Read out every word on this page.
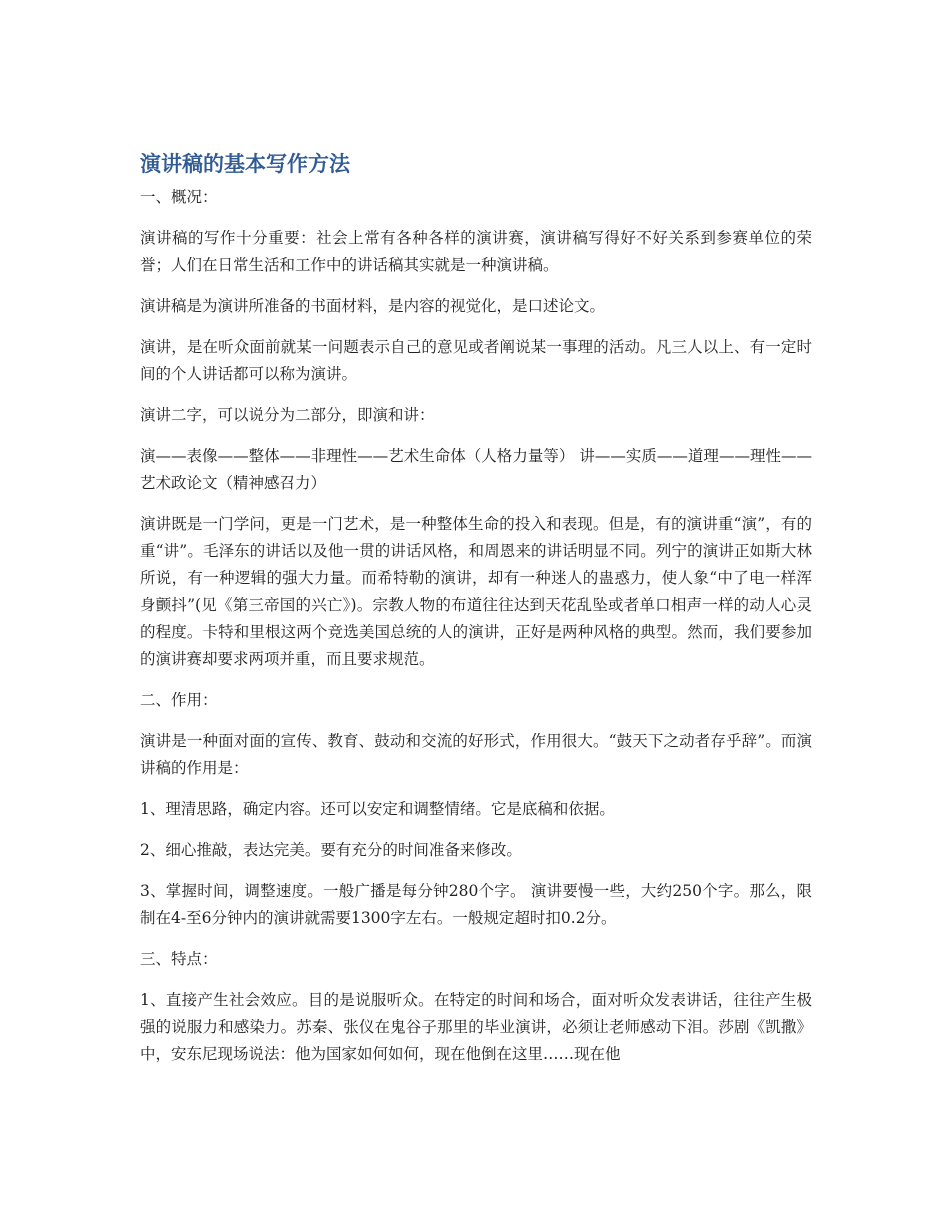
演讲稿的基本写作方法

一、概况：

演讲稿的写作十分重要：社会上常有各种各样的演讲赛，演讲稿写得好不好关系到参赛单位的荣誉；人们在日常生活和工作中的讲话稿其实就是一种演讲稿。

演讲稿是为演讲所准备的书面材料，是内容的视觉化，是口述论文。

演讲，是在听众面前就某一问题表示自己的意见或者阐说某一事理的活动。凡三人以上、有一定时间的个人讲话都可以称为演讲。

演讲二字，可以说分为二部分，即演和讲：

演——表像——整体——非理性——艺术生命体（人格力量等） 讲——实质——道理——理性——艺术政论文（精神感召力）

演讲既是一门学问，更是一门艺术，是一种整体生命的投入和表现。但是，有的演讲重“演”，有的重“讲”。毛泽东的讲话以及他一贯的讲话风格，和周恩来的讲话明显不同。列宁的演讲正如斯大林所说，有一种逻辑的强大力量。而希特勒的演讲，却有一种迷人的蛊惑力，使人象“中了电一样浑身颤抖”(见《第三帝国的兴亡》)。宗教人物的布道往往达到天花乱坠或者单口相声一样的动人心灵的程度。卡特和里根这两个竞选美国总统的人的演讲，正好是两种风格的典型。然而，我们要参加的演讲赛却要求两项并重，而且要求规范。

二、作用：

演讲是一种面对面的宣传、教育、鼓动和交流的好形式，作用很大。“鼓天下之动者存乎辞”。而演讲稿的作用是：

1、理清思路，确定内容。还可以安定和调整情绪。它是底稿和依据。

2、细心推敲，表达完美。要有充分的时间准备来修改。

3、掌握时间，调整速度。一般广播是每分钟280个字。 演讲要慢一些，大约250个字。那么，限制在4-至6分钟内的演讲就需要1300字左右。一般规定超时扣0.2分。

三、特点：

1、直接产生社会效应。目的是说服听众。在特定的时间和场合，面对听众发表讲话，往往产生极强的说服力和感染力。苏秦、张仪在鬼谷子那里的毕业演讲，必须让老师感动下泪。莎剧《凯撒》中，安东尼现场说法：他为国家如何如何，现在他倒在这里……现在他
